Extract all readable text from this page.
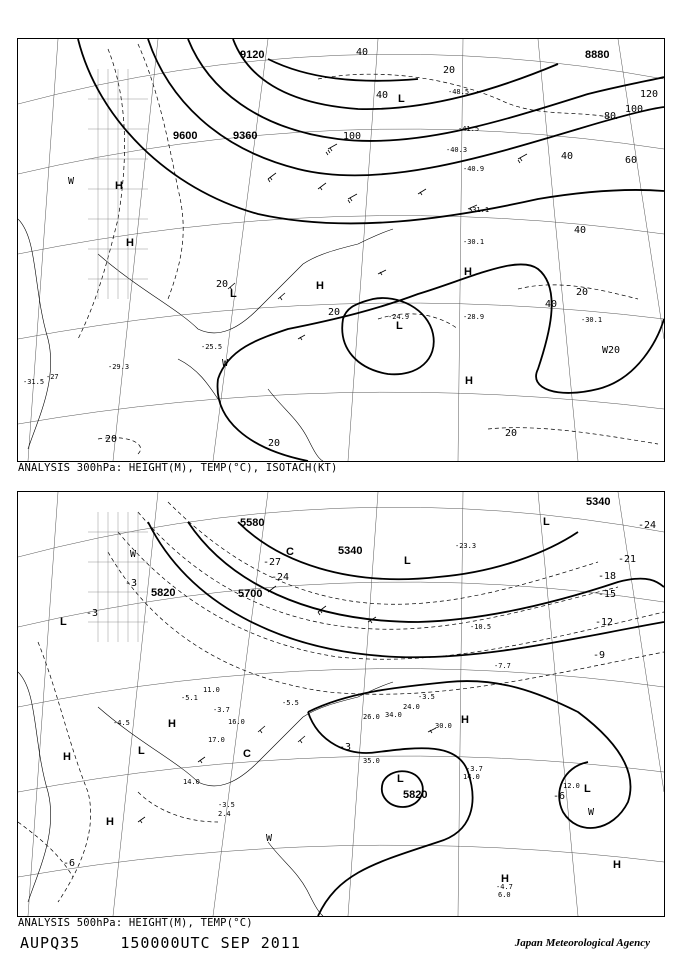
9120
9600
8880
9360
40
20
40
100
120
100
80
60
40
40
40
20
20
20
20	20
20
W20
-27
-29.3
-31.5
-25.5
-30.1
-30.1
-28.9
-24.9
-41.5
-40.3
-31.1
-40.9
-48.5
H
H
L
L
H
L
H
H
W
W
ANALYSIS 300hPa: HEIGHT(M), TEMP(°C), ISOTACH(KT)
5340
5580
5700
5820
5820
5340
-24
-21
-18
-15
-12
-9
-6
-3
-3
-3
-6
-27
-24
-23.3
-10.5
-7.7
-3.5
-4.7
-3.7
-5.1
-3.7
-4.5
-5.5
12.0
6.0
14.0
17.0
16.0
11.0
30.0
35.0
26.0 34.0
24.0
14.0
-3.5
2.4
L
H
L
H
H
C
L
H
L
H
H
L
C
W
W
W
L
ANALYSIS 500hPa: HEIGHT(M), TEMP(°C)
AUPQ35	150000UTC SEP 2011	Japan Meteorological Agency
